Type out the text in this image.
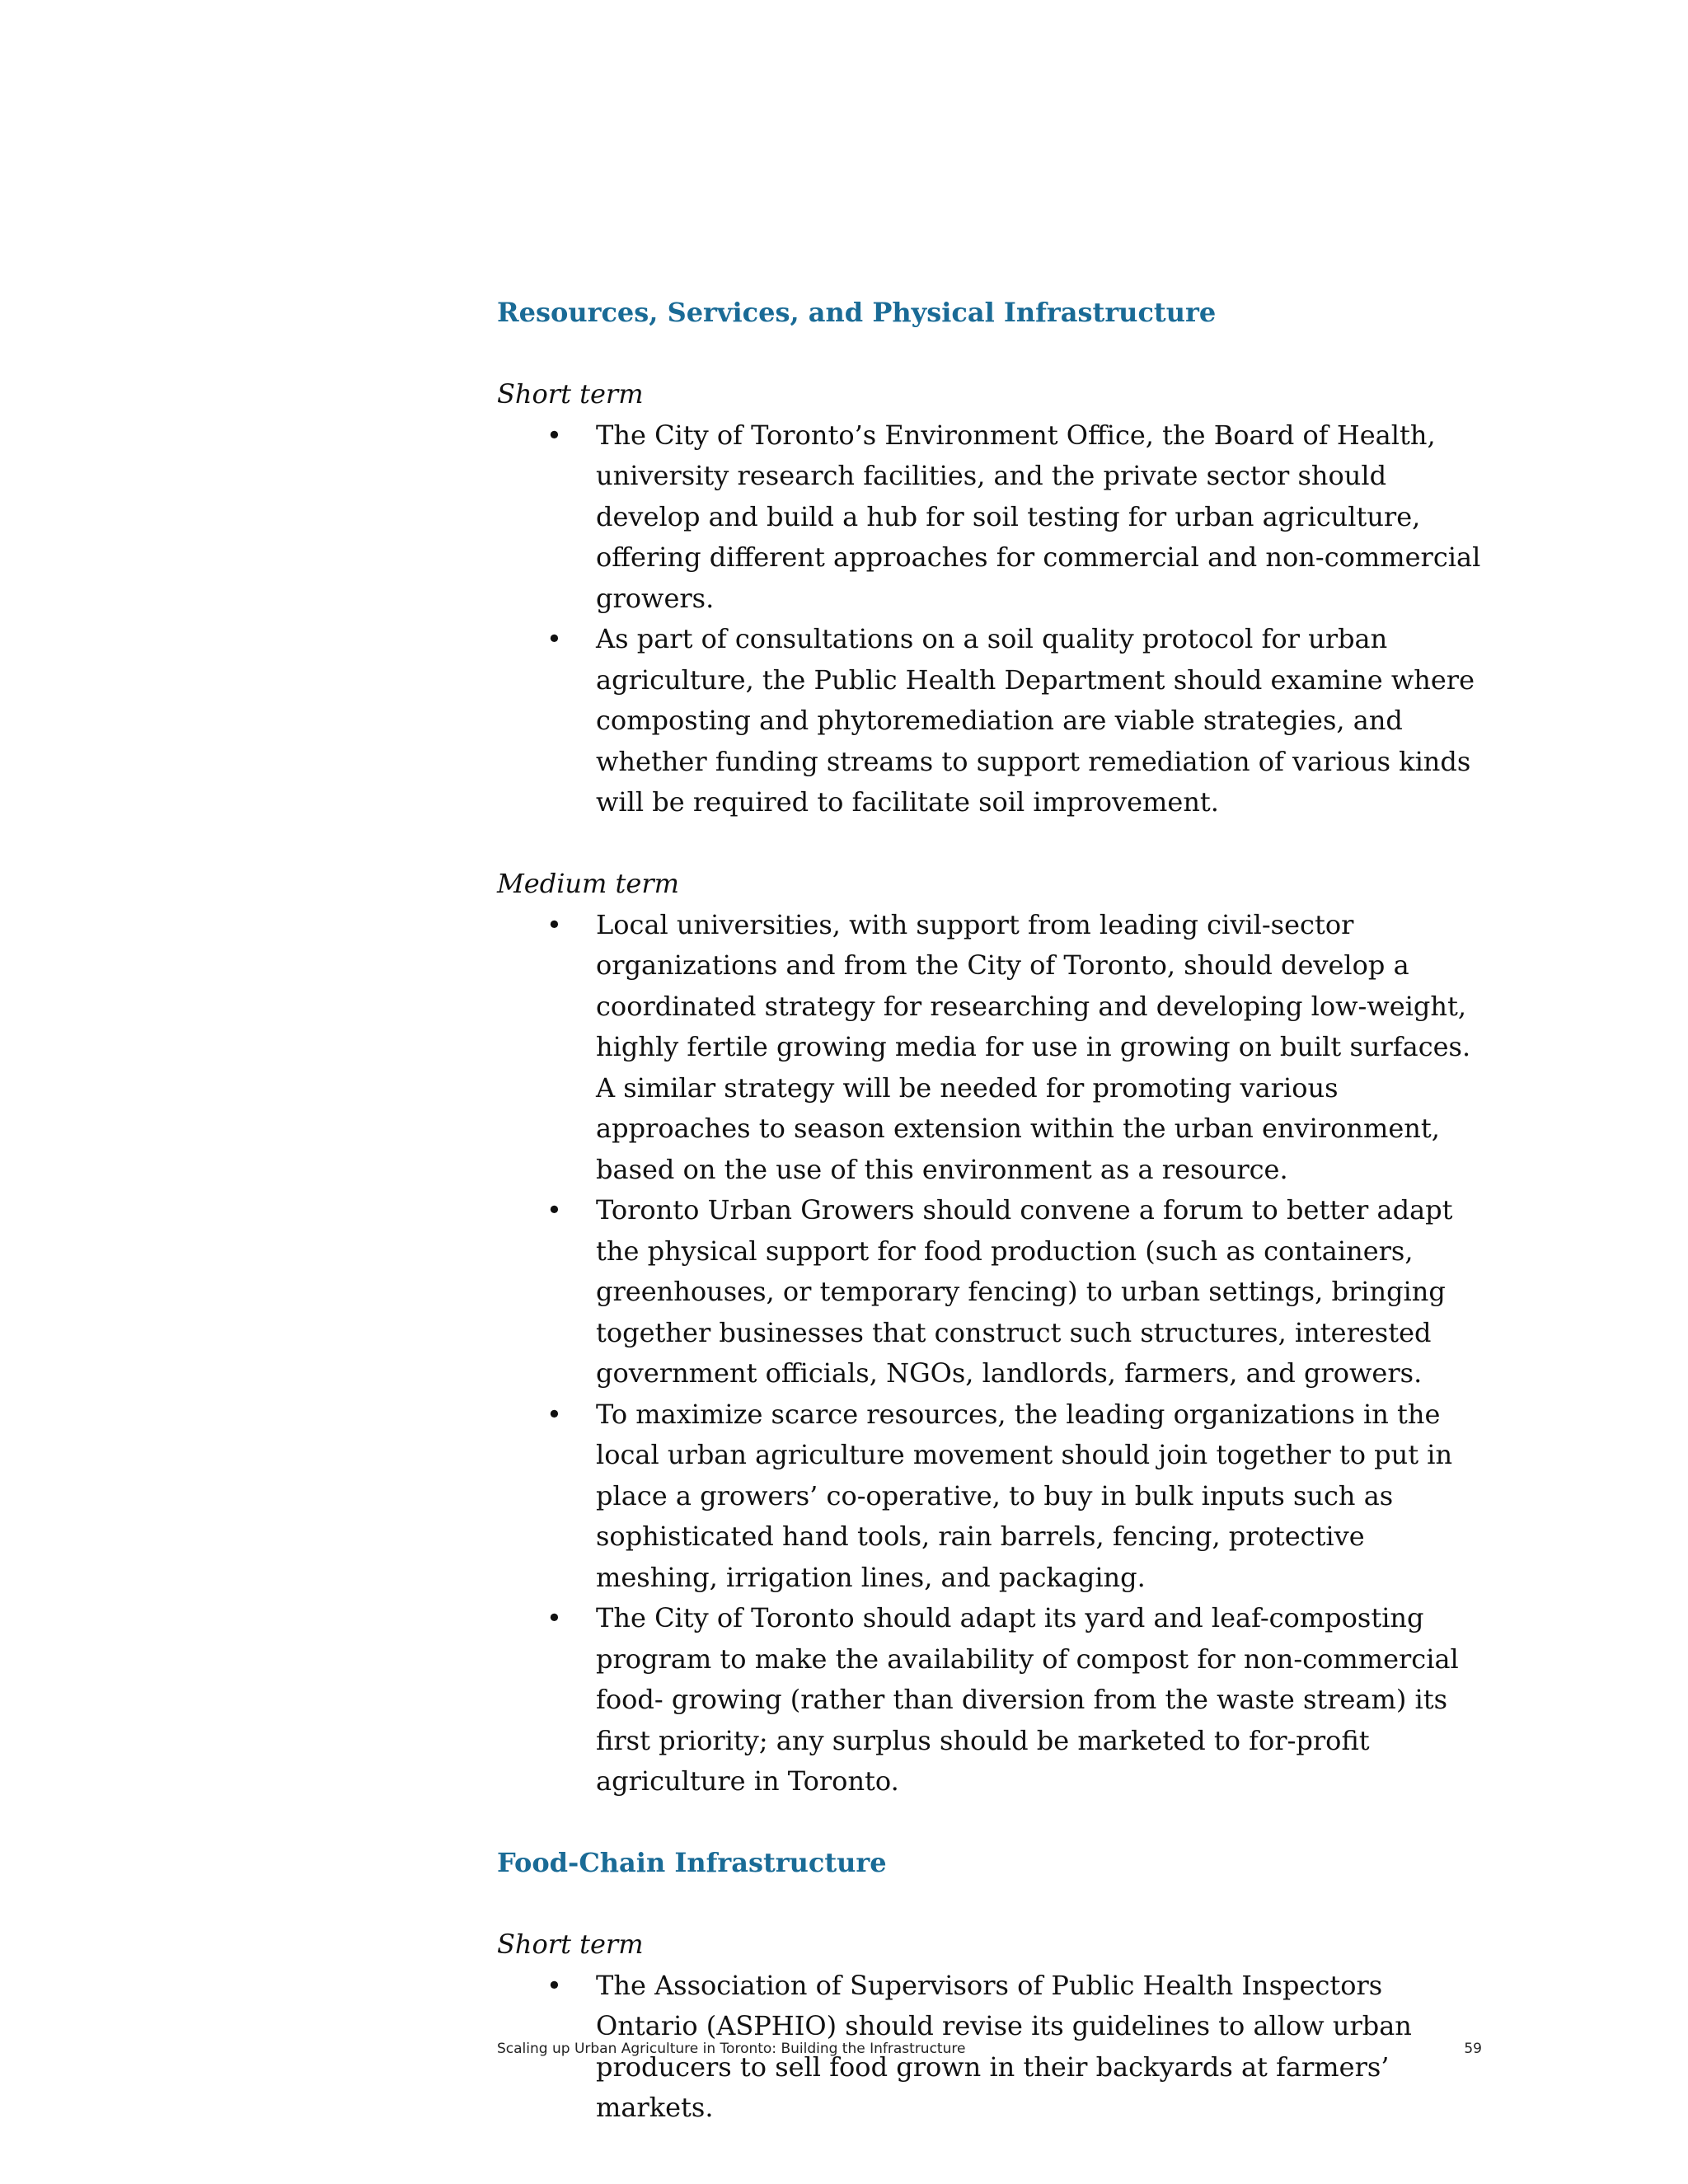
Resources, Services, and Physical Infrastructure

Short term

• The City of Toronto’s Environment Office, the Board of Health, university research facilities, and the private sector should develop and build a hub for soil testing for urban agriculture, offering different approaches for commercial and non-commercial growers.
• As part of consultations on a soil quality protocol for urban agriculture, the Public Health Department should examine where composting and phytoremediation are viable strategies, and whether funding streams to support remediation of various kinds will be required to facilitate soil improvement.

Medium term

• Local universities, with support from leading civil-sector organizations and from the City of Toronto, should develop a coordinated strategy for researching and developing low-weight, highly fertile growing media for use in growing on built surfaces. A similar strategy will be needed for promoting various approaches to season extension within the urban environment, based on the use of this environment as a resource.
• Toronto Urban Growers should convene a forum to better adapt the physical support for food production (such as containers, greenhouses, or temporary fencing) to urban settings, bringing together businesses that construct such structures, interested government officials, NGOs, landlords, farmers, and growers.
• To maximize scarce resources, the leading organizations in the local urban agriculture movement should join together to put in place a growers’ co-operative, to buy in bulk inputs such as sophisticated hand tools, rain barrels, fencing, protective meshing, irrigation lines, and packaging.
• The City of Toronto should adapt its yard and leaf-composting program to make the availability of compost for non-commercial food- growing (rather than diversion from the waste stream) its first priority; any surplus should be marketed to for-profit agriculture in Toronto.
Food-Chain Infrastructure

Short term

• The Association of Supervisors of Public Health Inspectors Ontario (ASPHIO) should revise its guidelines to allow urban producers to sell food grown in their backyards at farmers’ markets.
Scaling up Urban Agriculture in Toronto: Building the Infrastructure	59
